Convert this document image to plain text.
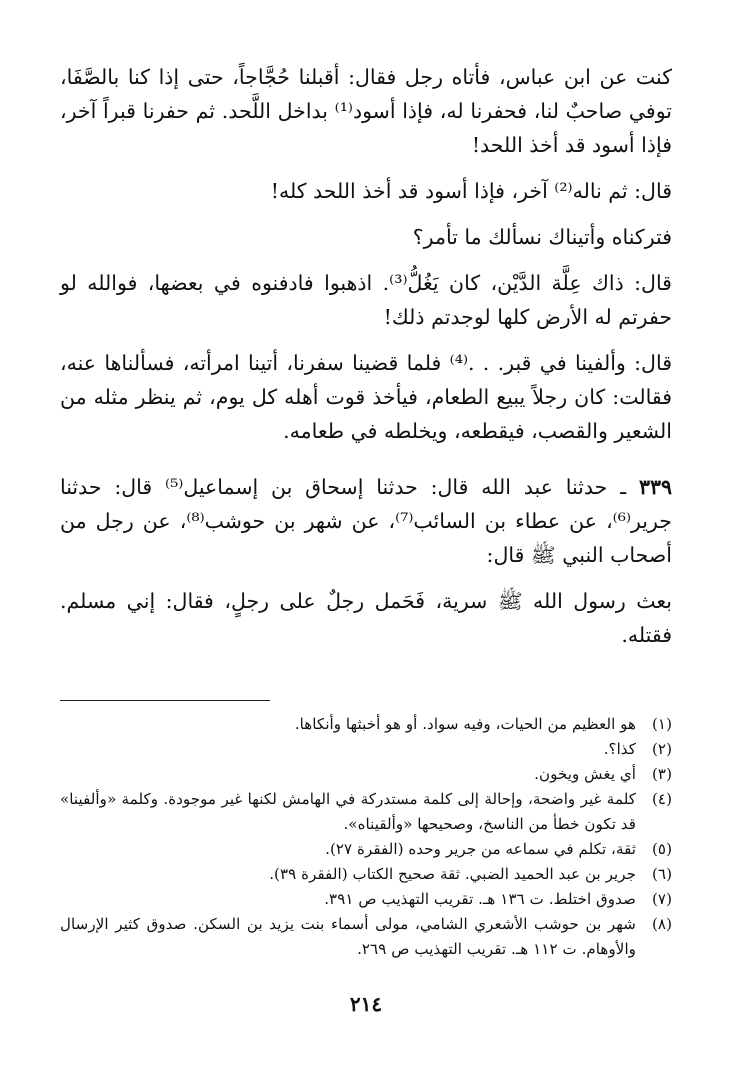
كنت عن ابن عباس، فأتاه رجل فقال: أقبلنا حُجَّاجاً، حتى إذا كنا بالصَّفَا، توفي صاحبٌ لنا، فحفرنا له، فإذا أسود⁽¹⁾ بداخل اللَّحد. ثم حفرنا قبراً آخر، فإذا أسود قد أخذ اللحد!

قال: ثم ناله⁽²⁾ آخر، فإذا أسود قد أخذ اللحد كله!

فتركناه وأتيناك نسألك ما تأمر؟

قال: ذاك عِلَّة الدَّيْن، كان يَغُلُّ⁽³⁾. اذهبوا فادفنوه في بعضها، فوالله لو حفرتم له الأرض كلها لوجدتم ذلك!

قال: وألفينا في قبر. . .⁽⁴⁾ فلما قضينا سفرنا، أتينا امرأته، فسألناها عنه، فقالت: كان رجلاً يبيع الطعام، فيأخذ قوت أهله كل يوم، ثم ينظر مثله من الشعير والقصب، فيقطعه، ويخلطه في طعامه.

٣٣٩ ـ حدثنا عبد الله قال: حدثنا إسحاق بن إسماعيل⁽⁵⁾ قال: حدثنا جرير⁽⁶⁾، عن عطاء بن السائب⁽⁷⁾، عن شهر بن حوشب⁽⁸⁾، عن رجل من أصحاب النبي ﷺ قال:

بعث رسول الله ﷺ سرية، فَحَمل رجلٌ على رجلٍ، فقال: إني مسلم. فقتله.

(١)
هو العظيم من الحيات، وفيه سواد. أو هو أخبثها وأنكاها.
(٢)
كذا؟.
(٣)
أي يغش ويخون.
(٤)
كلمة غير واضحة، وإحالة إلى كلمة مستدركة في الهامش لكنها غير موجودة. وكلمة «وألفينا» قد تكون خطأ من الناسخ، وصحيحها «وألقيناه».
(٥)
ثقة، تكلم في سماعه من جرير وحده (الفقرة ٢٧).
(٦)
جرير بن عبد الحميد الضبي. ثقة صحيح الكتاب (الفقرة ٣٩).
(٧)
صدوق اختلط. ت ١٣٦ هـ. تقريب التهذيب ص ٣٩١.
(٨)
شهر بن حوشب الأشعري الشامي، مولى أسماء بنت يزيد بن السكن. صدوق كثير الإرسال والأوهام. ت ١١٢ هـ. تقريب التهذيب ص ٢٦٩.
٢١٤
